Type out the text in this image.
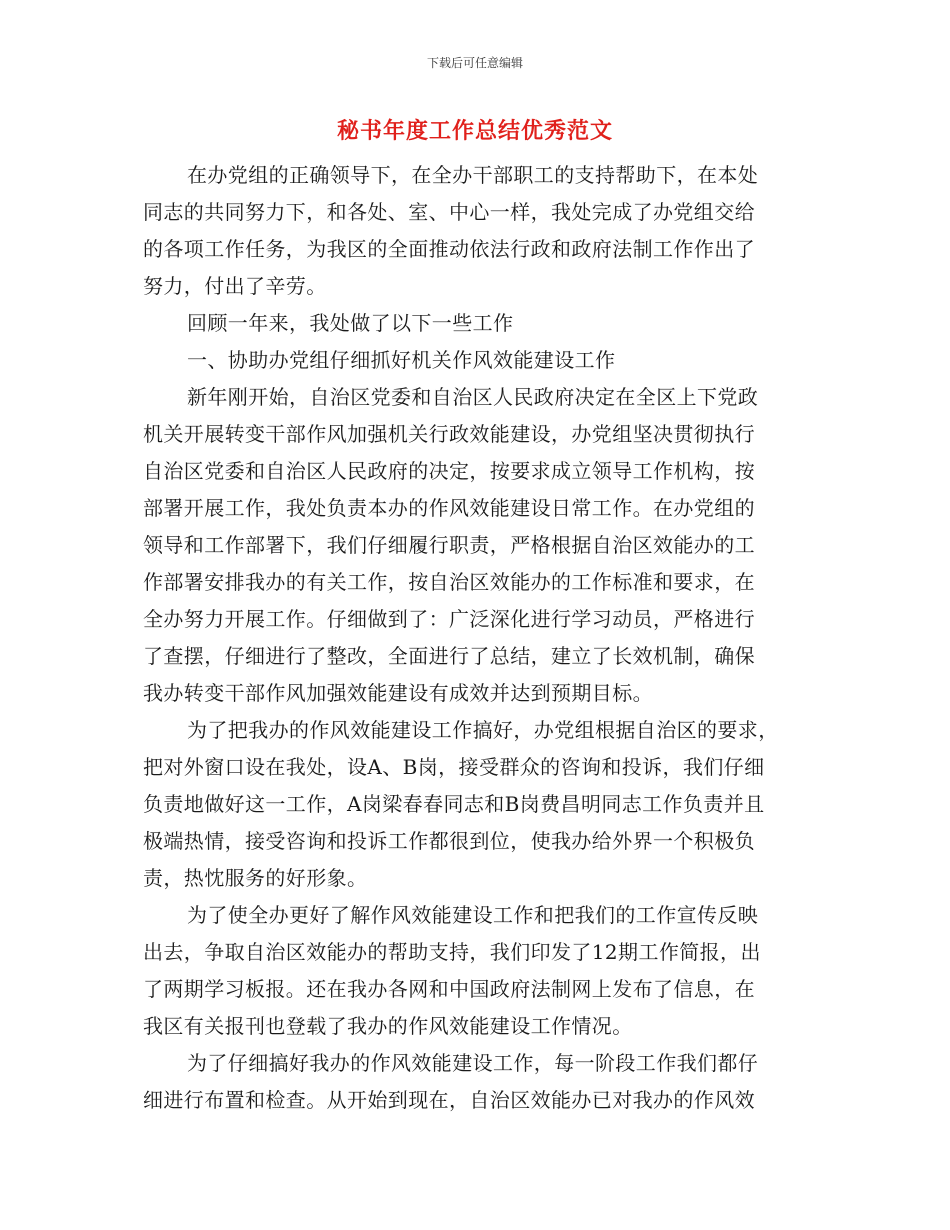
下载后可任意编辑
秘书年度工作总结优秀范文
在办党组的正确领导下，在全办干部职工的支持帮助下，在本处
同志的共同努力下，和各处、室、中心一样，我处完成了办党组交给
的各项工作任务，为我区的全面推动依法行政和政府法制工作作出了
努力，付出了辛劳。
回顾一年来，我处做了以下一些工作
一、协助办党组仔细抓好机关作风效能建设工作
新年刚开始，自治区党委和自治区人民政府决定在全区上下党政
机关开展转变干部作风加强机关行政效能建设，办党组坚决贯彻执行
自治区党委和自治区人民政府的决定，按要求成立领导工作机构，按
部署开展工作，我处负责本办的作风效能建设日常工作。在办党组的
领导和工作部署下，我们仔细履行职责，严格根据自治区效能办的工
作部署安排我办的有关工作，按自治区效能办的工作标准和要求，在
全办努力开展工作。仔细做到了：广泛深化进行学习动员，严格进行
了查摆，仔细进行了整改，全面进行了总结，建立了长效机制，确保
我办转变干部作风加强效能建设有成效并达到预期目标。
为了把我办的作风效能建设工作搞好，办党组根据自治区的要求，
把对外窗口设在我处，设A、B岗，接受群众的咨询和投诉，我们仔细
负责地做好这一工作，A岗梁春春同志和B岗费昌明同志工作负责并且
极端热情，接受咨询和投诉工作都很到位，使我办给外界一个积极负
责，热忱服务的好形象。
为了使全办更好了解作风效能建设工作和把我们的工作宣传反映
出去，争取自治区效能办的帮助支持，我们印发了12期工作简报，出
了两期学习板报。还在我办各网和中国政府法制网上发布了信息，在
我区有关报刊也登载了我办的作风效能建设工作情况。
为了仔细搞好我办的作风效能建设工作，每一阶段工作我们都仔
细进行布置和检查。从开始到现在，自治区效能办已对我办的作风效
